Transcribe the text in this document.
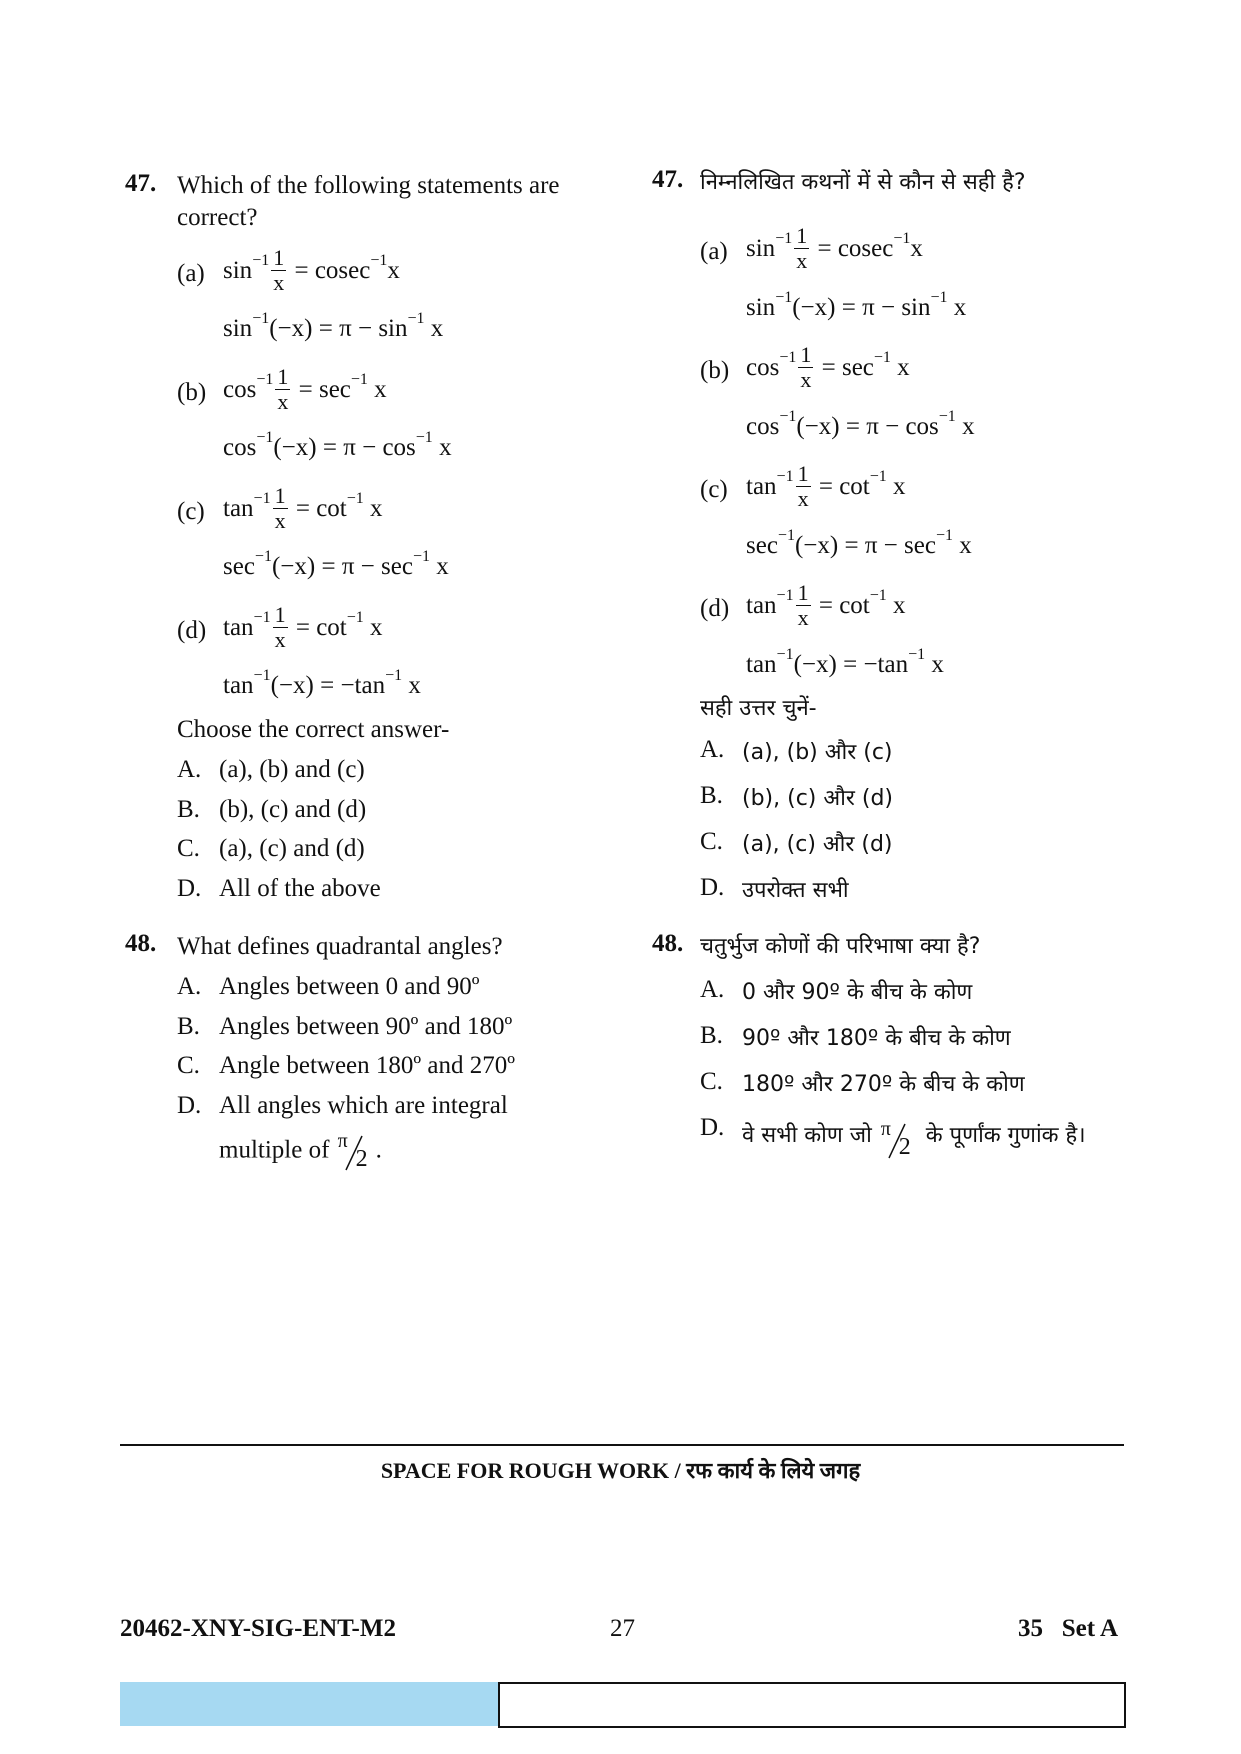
47. Which of the following statements are
correct?
(a) $\sin^{-1} \frac{1}{x} = cosec^{-1}x$
$\sin^{-1}(-x) = \pi - \sin^{-1} x$
(b) $\cos^{-1} \frac{1}{x} = \sec^{-1} x$
$\cos^{-1}(-x) = \pi - \cos^{-1} x$
(c) $\tan^{-1} \frac{1}{x} = \cot^{-1} x$
$\sec^{-1}(-x) = \pi - \sec^{-1} x$
(d) $\tan^{-1} \frac{1}{x} = \cot^{-1} x$
$\tan^{-1}(-x) = -\tan^{-1}$ x
Choose the correct answer-
A. (a), (b) and (c)
B. (b), (c) and (d)
C. (a), (c) and (d)
D. All of the above
48. What defines quadrantal angles?
A. Angles between 0 and 90º
B. Angles between 90º and 180º
C. Angle between 180º and 270º
D. All angles which are integral
multiple of π
2 .
47. निम्नलिखित कथनों में से कौन से सही है?
(a) $\sin^{-1} \frac{1}{x} = cosec^{-1}x$
$\sin^{-1}(-x) = \pi - \sin^{-1} x$
(b) $\cos^{-1} \frac{1}{x} = \sec^{-1} x$
$\cos^{-1}(-x) = \pi - \cos^{-1} x$
(c) $\tan^{-1} \frac{1}{x} = \cot^{-1} x$
$\sec^{-1}(-x) = \pi - \sec^{-1} x$
(d) $\tan^{-1} \frac{1}{x} = \cot^{-1} x$
$\tan^{-1}(-x) = -\tan^{-1}$ x
सही उत्तर चुनें-
A. (a), (b) और (c)
B. (b), (c) और (d)
C. (a), (c) और (d)
D. उपरोक्त सभी
48. चतुर्भुज कोणों की परिभाषा क्या है?
A. 0 और 90º के बीच के कोण
B. 90º और 180º के बीच के कोण
C. 180º और 270º के बीच के कोण
D. वे सभी कोण जो π
2 के पूर्णांक गुणांक है।
SPACE FOR ROUGH WORK / रफ कार्य के लिये जगह
20462-XNY-SIG-ENT-M2	27	35   Set A
